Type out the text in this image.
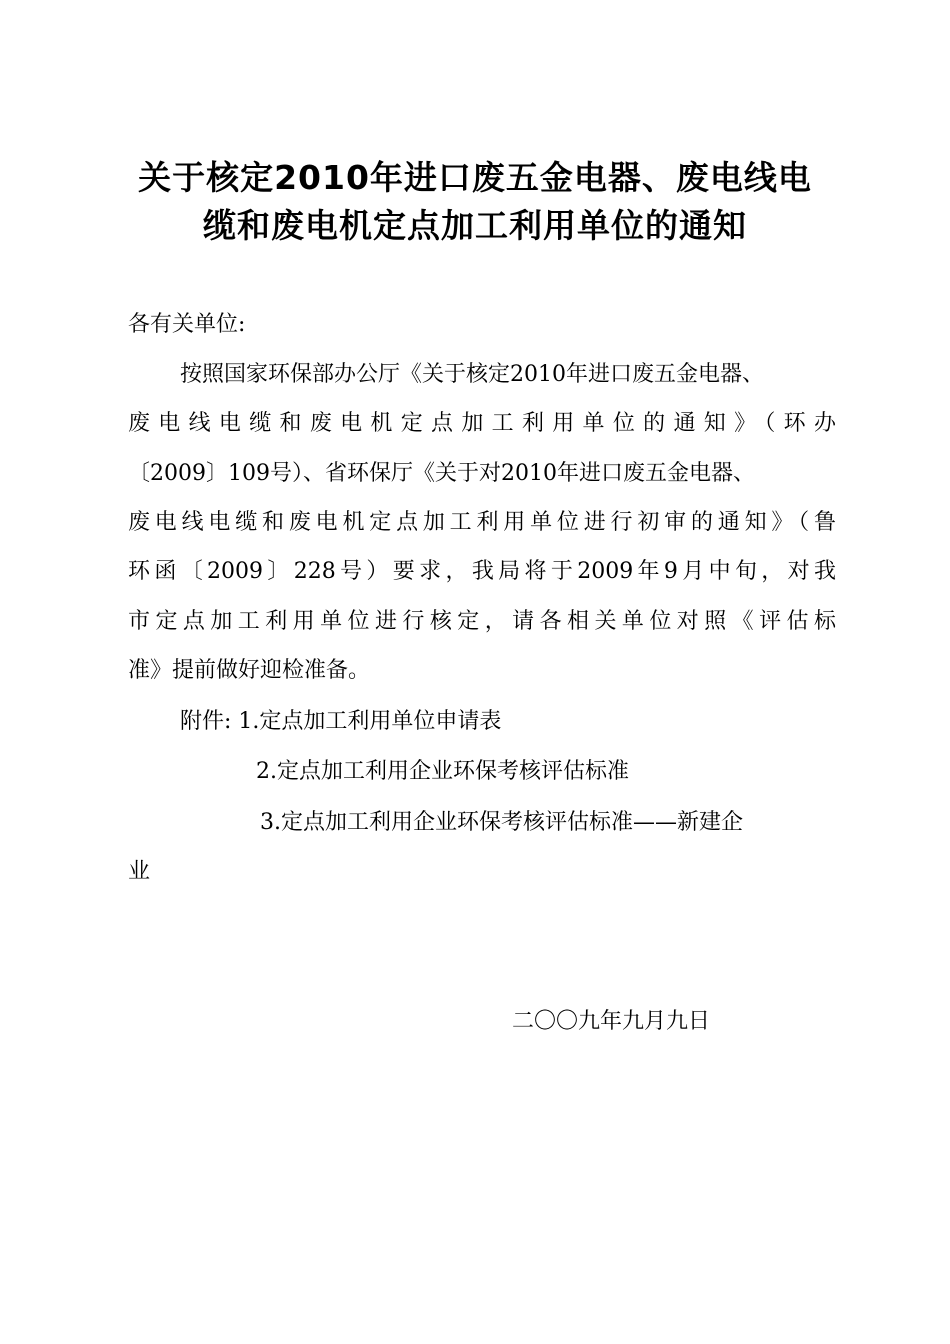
关于核定2010年进口废五金电器、废电线电
缆和废电机定点加工利用单位的通知
各有关单位:
按照国家环保部办公厅《关于核定2010年进口废五金电器、
废电线电缆和废电机定点加工利用单位的通知》（环办
〔2009〕109号）、省环保厅《关于对2010年进口废五金电器、
废电线电缆和废电机定点加工利用单位进行初审的通知》（鲁
环函〔2009〕228号）要求，我局将于2009年9月中旬，对我
市定点加工利用单位进行核定，请各相关单位对照《评估标
准》提前做好迎检准备。
附件: 1.定点加工利用单位申请表
2.定点加工利用企业环保考核评估标准
3.定点加工利用企业环保考核评估标准——新建企
业
二〇〇九年九月九日
